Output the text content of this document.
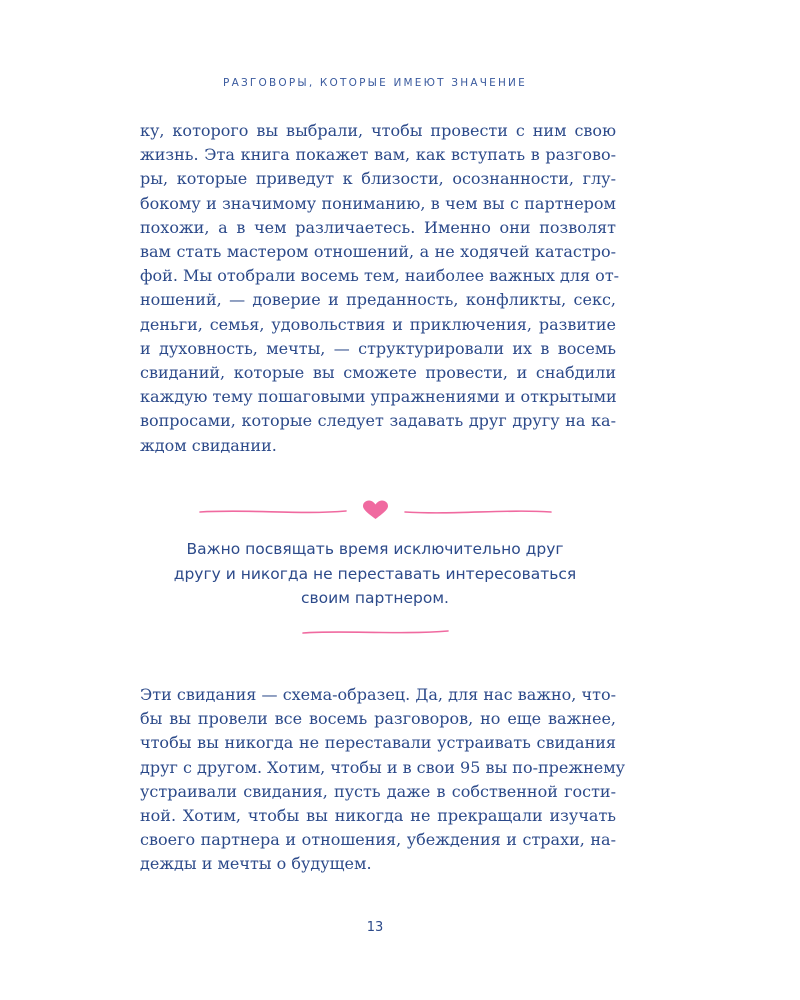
РАЗГОВОРЫ, КОТОРЫЕ ИМЕЮТ ЗНАЧЕНИЕ
ку, которого вы выбрали, чтобы провести с ним свою
жизнь. Эта книга покажет вам, как вступать в разгово-
ры, которые приведут к близости, осознанности, глу-
бокому и значимому пониманию, в чем вы с партнером
похожи, а в чем различаетесь. Именно они позволят
вам стать мастером отношений, а не ходячей катастро-
фой. Мы отобрали восемь тем, наиболее важных для от-
ношений, — доверие и преданность, конфликты, секс,
деньги, семья, удовольствия и приключения, развитие
и духовность, мечты, — структурировали их в восемь
свиданий, которые вы сможете провести, и снабдили
каждую тему пошаговыми упражнениями и открытыми
вопросами, которые следует задавать друг другу на ка-
ждом свидании.
Важно посвящать время исключительно друг
другу и никогда не переставать интересоваться
своим партнером.
Эти свидания — схема-образец. Да, для нас важно, что-
бы вы провели все восемь разговоров, но еще важнее,
чтобы вы никогда не переставали устраивать свидания
друг с другом. Хотим, чтобы и в свои 95 вы по-прежнему
устраивали свидания, пусть даже в собственной гости-
ной. Хотим, чтобы вы никогда не прекращали изучать
своего партнера и отношения, убеждения и страхи, на-
дежды и мечты о будущем.
13
